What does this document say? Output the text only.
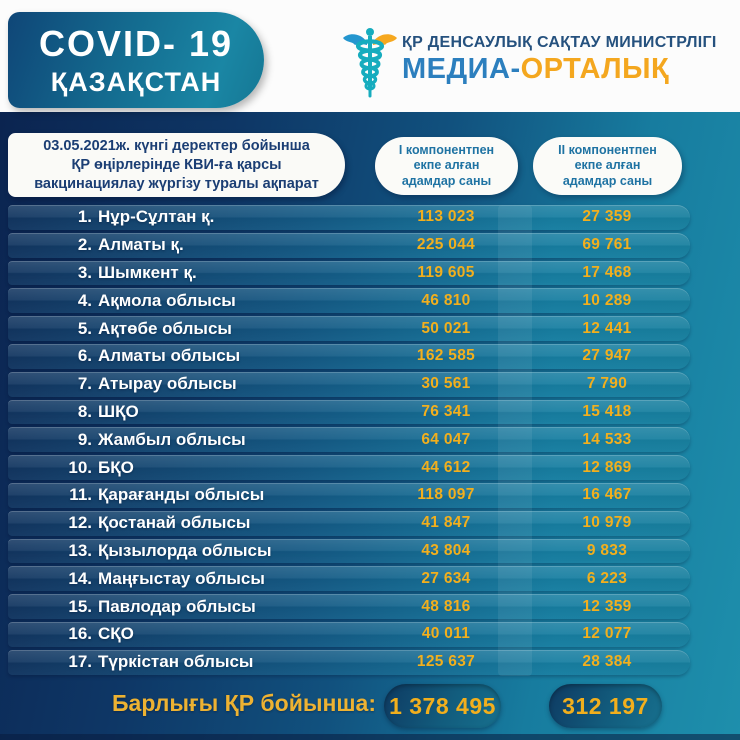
COVID- 19
ҚАЗАҚСТАН
ҚР ДЕНСАУЛЫҚ САҚТАУ МИНИСТРЛІГІ
МЕДИА-ОРТАЛЫҚ
03.05.2021ж. күнгі деректер бойынша
ҚР өңірлерінде КВИ-ға қарсы
вакцинациялау жүргізу туралы ақпарат
I компонентпен
екпе алған
адамдар саны
II компонентпен
екпе алған
адамдар саны
1. Нұр-Сұлтан қ.	113 023	27 359
2. Алматы қ.	225 044	69 761
3. Шымкент қ.	119 605	17 468
4. Ақмола облысы	46 810	10 289
5. Ақтөбе облысы	50 021	12 441
6. Алматы облысы	162 585	27 947
7. Атырау облысы	30 561	7 790
8. ШҚО	76 341	15 418
9. Жамбыл облысы	64 047	14 533
10. БҚО	44 612	12 869
11. Қарағанды облысы	118 097	16 467
12. Қостанай облысы	41 847	10 979
13. Қызылорда облысы	43 804	9 833
14. Маңғыстау облысы	27 634	6 223
15. Павлодар облысы	48 816	12 359
16. СҚО	40 011	12 077
17. Түркістан облысы	125 637	28 384
Барлығы ҚР бойынша: 1 378 495	312 197
